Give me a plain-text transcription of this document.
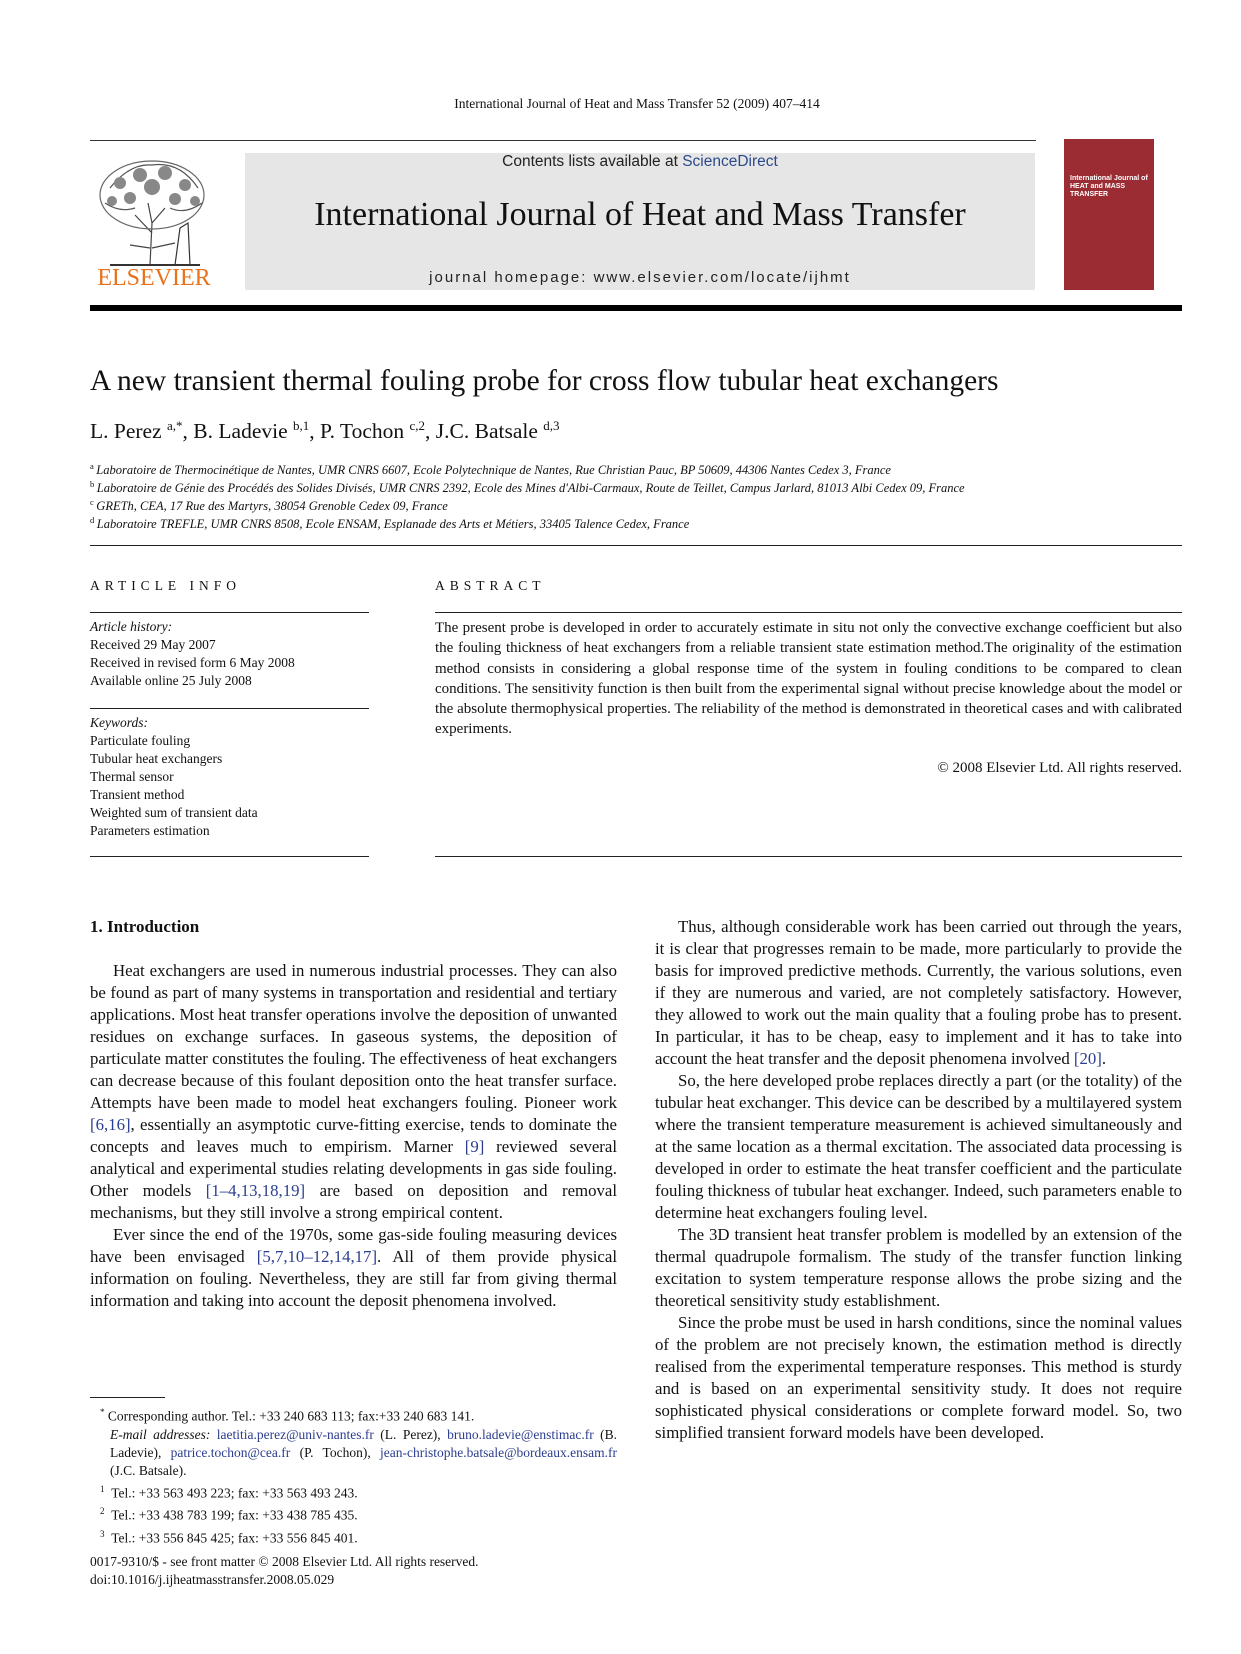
International Journal of Heat and Mass Transfer 52 (2009) 407–414
ELSEVIER
Contents lists available at ScienceDirect
International Journal of Heat and Mass Transfer
journal homepage: www.elsevier.com/locate/ijhmt
International Journal of HEAT and MASS TRANSFER
A new transient thermal fouling probe for cross flow tubular heat exchangers
L. Perez $^{a,*}$, B. Ladevie $^{b,1}$, P. Tochon $^{c,2}$, J.C. Batsale $^{d,3}$
$^a$  Laboratoire de Thermocinétique de Nantes, UMR CNRS 6607, Ecole Polytechnique de Nantes, Rue Christian Pauc, BP 50609, 44306 Nantes Cedex 3, France
$^b$  Laboratoire de Génie des Procédés des Solides Divisés, UMR CNRS 2392, Ecole des Mines d'Albi-Carmaux, Route de Teillet, Campus Jarlard, 81013 Albi Cedex 09, France
$^c$  GRETh, CEA, 17 Rue des Martyrs, 38054 Grenoble Cedex 09, France
$^d$  Laboratoire TREFLE, UMR CNRS 8508, Ecole ENSAM, Esplanade des Arts et Métiers, 33405 Talence Cedex, France
ARTICLE INFO
Article history:
Received 29 May 2007
Received in revised form 6 May 2008
Available online 25 July 2008
Keywords:
Particulate fouling
Tubular heat exchangers
Thermal sensor
Transient method
Weighted sum of transient data
Parameters estimation
ABSTRACT
The present probe is developed in order to accurately estimate in situ not only the convective exchange coefficient but also the fouling thickness of heat exchangers from a reliable transient state estimation method.The originality of the estimation method consists in considering a global response time of the system in fouling conditions to be compared to clean conditions. The sensitivity function is then built from the experimental signal without precise knowledge about the model or the absolute thermophysical properties. The reliability of the method is demonstrated in theoretical cases and with calibrated experiments.
© 2008 Elsevier Ltd. All rights reserved.
1. Introduction

Heat exchangers are used in numerous industrial processes. They can also be found as part of many systems in transportation and residential and tertiary applications. Most heat transfer operations involve the deposition of unwanted residues on exchange surfaces. In gaseous systems, the deposition of particulate matter constitutes the fouling. The effectiveness of heat exchangers can decrease because of this foulant deposition onto the heat transfer surface. Attempts have been made to model heat exchangers fouling. Pioneer work [6,16], essentially an asymptotic curve-fitting exercise, tends to dominate the concepts and leaves much to empirism. Marner [9] reviewed several analytical and experimental studies relating developments in gas side fouling. Other models [1–4,13,18,19] are based on deposition and removal mechanisms, but they still involve a strong empirical content.

Ever since the end of the 1970s, some gas-side fouling measuring devices have been envisaged [5,7,10–12,14,17]. All of them provide physical information on fouling. Nevertheless, they are still far from giving thermal information and taking into account the deposit phenomena involved.

Thus, although considerable work has been carried out through the years, it is clear that progresses remain to be made, more particularly to provide the basis for improved predictive methods. Currently, the various solutions, even if they are numerous and varied, are not completely satisfactory. However, they allowed to work out the main quality that a fouling probe has to present. In particular, it has to be cheap, easy to implement and it has to take into account the heat transfer and the deposit phenomena involved [20].

So, the here developed probe replaces directly a part (or the totality) of the tubular heat exchanger. This device can be described by a multilayered system where the transient temperature measurement is achieved simultaneously and at the same location as a thermal excitation. The associated data processing is developed in order to estimate the heat transfer coefficient and the particulate fouling thickness of tubular heat exchanger. Indeed, such parameters enable to determine heat exchangers fouling level.

The 3D transient heat transfer problem is modelled by an extension of the thermal quadrupole formalism. The study of the transfer function linking excitation to system temperature response allows the probe sizing and the theoretical sensitivity study establishment.

Since the probe must be used in harsh conditions, since the nominal values of the problem are not precisely known, the estimation method is directly realised from the experimental temperature responses. This method is sturdy and is based on an experimental sensitivity study. It does not require sophisticated physical considerations or complete forward model. So, two simplified transient forward models have been developed.

* Corresponding author. Tel.: +33 240 683 113; fax:+33 240 683 141.
E-mail addresses: laetitia.perez@univ-nantes.fr (L. Perez), bruno.ladevie@enstimac.fr (B. Ladevie), patrice.tochon@cea.fr (P. Tochon), jean-christophe.batsale@bordeaux.ensam.fr (J.C. Batsale).
$^1$ Tel.: +33 563 493 223; fax: +33 563 493 243.
$^2$ Tel.: +33 438 783 199; fax: +33 438 785 435.
$^3$ Tel.: +33 556 845 425; fax: +33 556 845 401.
0017-9310/$ - see front matter © 2008 Elsevier Ltd. All rights reserved.
doi:10.1016/j.ijheatmasstransfer.2008.05.029
